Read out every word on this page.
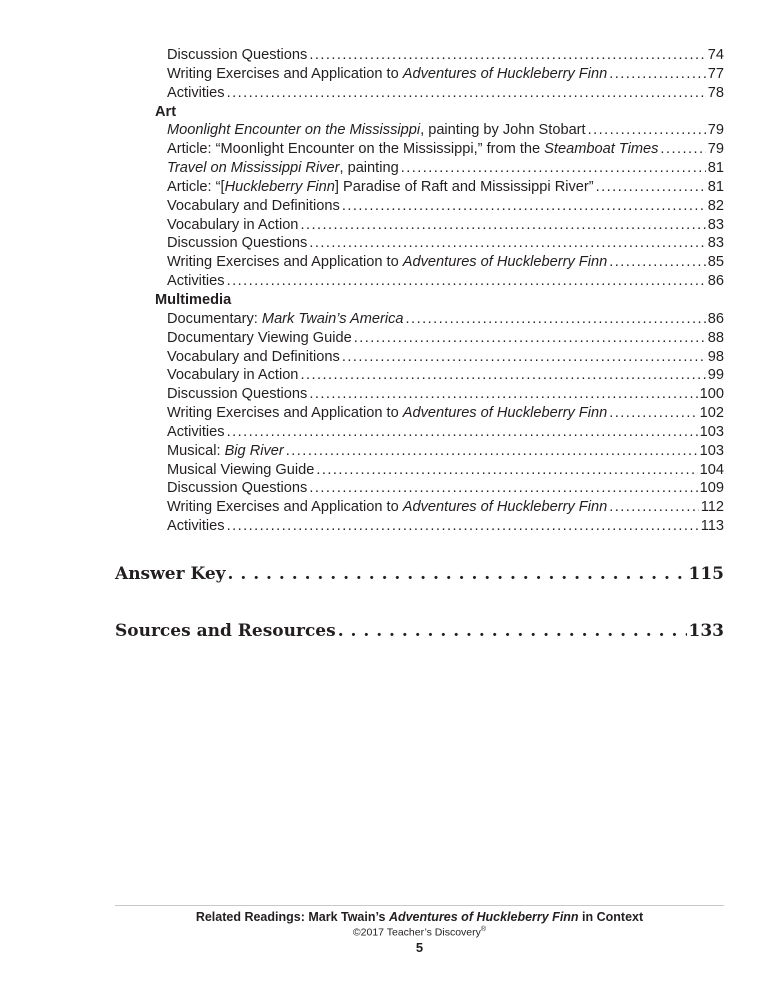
Discussion Questions . . .	74
Writing Exercises and Application to Adventures of Huckleberry Finn . . .	77
Activities . . .	78
Art
Moonlight Encounter on the Mississippi, painting by John Stobart . . .	79
Article: “Moonlight Encounter on the Mississippi,” from the Steamboat Times . . .	79
Travel on Mississippi River, painting . . .	81
Article: “[Huckleberry Finn] Paradise of Raft and Mississippi River” . . .	81
Vocabulary and Definitions . . .	82
Vocabulary in Action . . .	83
Discussion Questions . . .	83
Writing Exercises and Application to Adventures of Huckleberry Finn . . .	85
Activities . . .	86
Multimedia
Documentary: Mark Twain’s America . . .	86
Documentary Viewing Guide . . .	88
Vocabulary and Definitions . . .	98
Vocabulary in Action . . .	99
Discussion Questions . . .	100
Writing Exercises and Application to Adventures of Huckleberry Finn . . .	102
Activities . . .	103
Musical: Big River . . .	103
Musical Viewing Guide . . .	104
Discussion Questions . . .	109
Writing Exercises and Application to Adventures of Huckleberry Finn . . .	112
Activities . . .	113
Answer Key . . .	115
Sources and Resources . . .	133
Related Readings: Mark Twain’s Adventures of Huckleberry Finn in Context
©2017 Teacher’s Discovery®
5
